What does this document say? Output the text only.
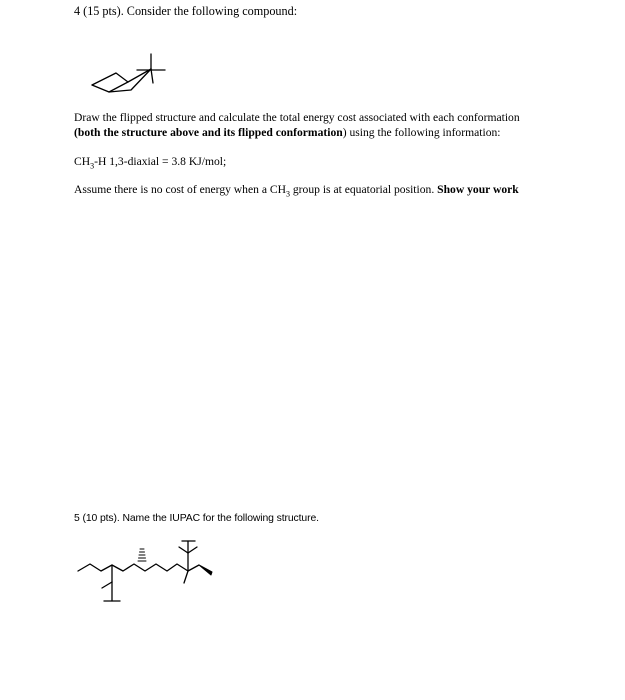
4 (15 pts). Consider the following compound:
Draw the flipped structure and calculate the total energy cost associated with each conformation
(both the structure above and its flipped conformation) using the following information:
$CH_3-H$ 1,3-diaxial = 3.8 KJ/mol;
Assume there is no cost of energy when a $CH_3$ group is at equatorial position. Show your work
5 (10 pts). Name the IUPAC for the following structure.
